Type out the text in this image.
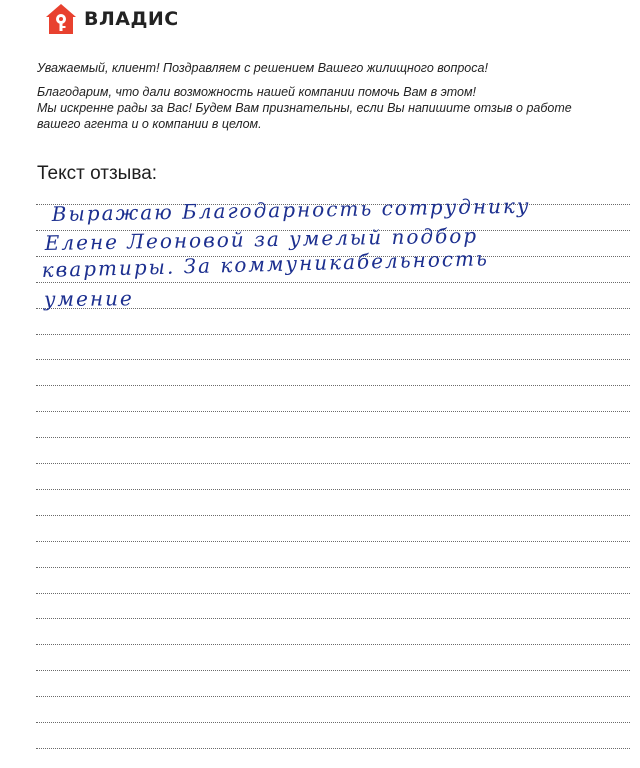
ВЛАДИС
Уважаемый, клиент! Поздравляем с решением Вашего жилищного вопроса!
Благодарим, что дали возможность нашей компании помочь Вам в этом!
Мы искренне рады за Вас! Будем Вам признательны, если Вы напишите отзыв о работе вашего агента и о компании в целом.
Текст отзыва:
Выражаю Благодарность сотруднику
Елене Леоновой за умелый подбор
квартиры. За коммуникабельность
умение
